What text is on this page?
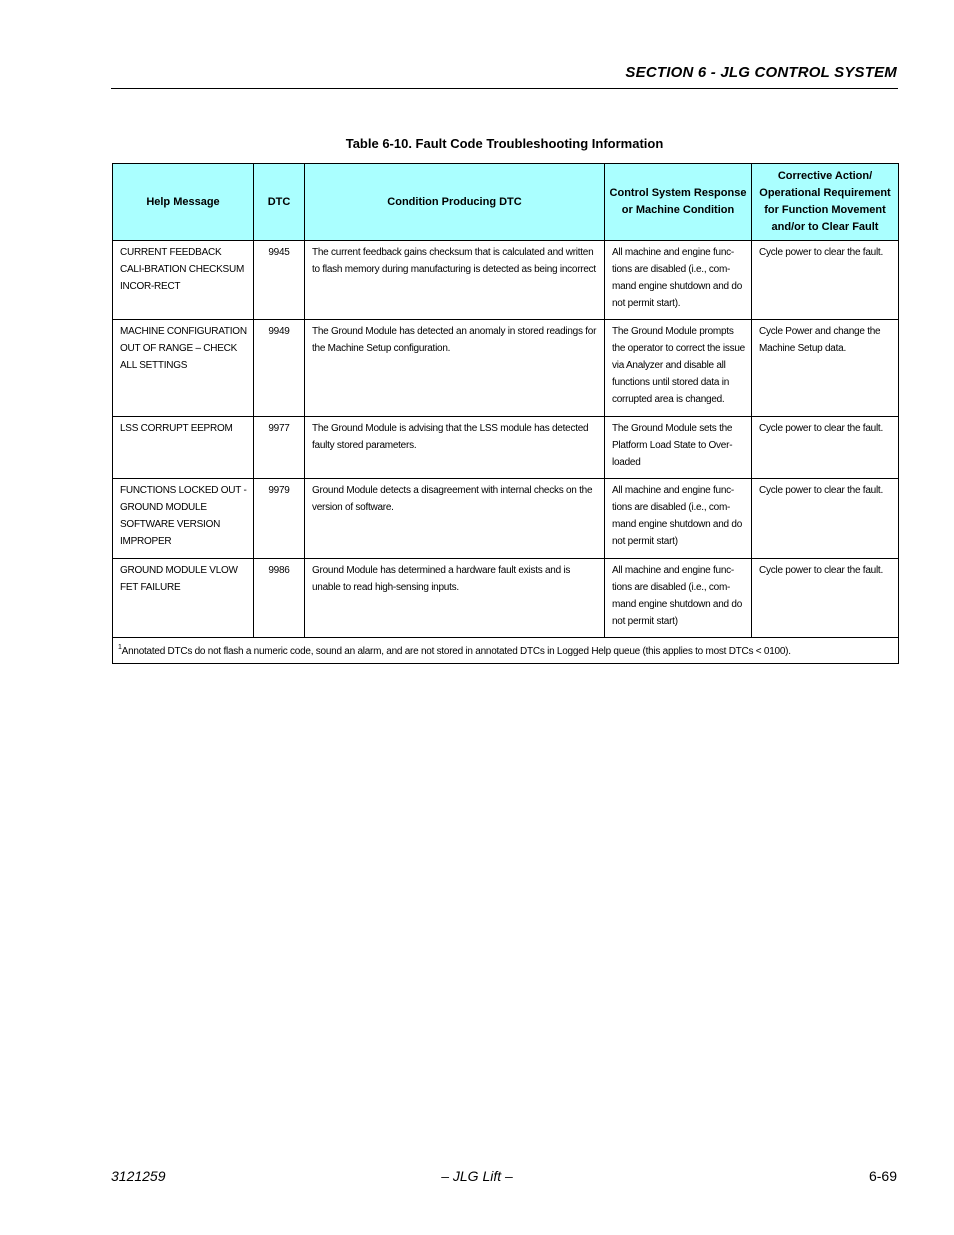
SECTION 6 - JLG CONTROL SYSTEM
Table 6-10. Fault Code Troubleshooting Information
Help Message	DTC	Condition Producing DTC	Control System Response or Machine Condition	Corrective Action/ Operational Requirement for Function Movement and/or to Clear Fault
CURRENT FEEDBACK CALI-BRATION CHECKSUM INCOR-RECT	9945	The current feedback gains checksum that is calculated and written to flash memory during manufacturing is detected as being incorrect	All machine and engine func-tions are disabled (i.e., com-mand engine shutdown and do not permit start).	Cycle power to clear the fault.
MACHINE CONFIGURATION OUT OF RANGE – CHECK ALL SETTINGS	9949	The Ground Module has detected an anomaly in stored readings for the Machine Setup configuration.	The Ground Module prompts the operator to correct the issue via Analyzer and disable all functions until stored data in corrupted area is changed.	Cycle Power and change the Machine Setup data.
LSS CORRUPT EEPROM	9977	The Ground Module is advising that the LSS module has detected faulty stored parameters.	The Ground Module sets the Platform Load State to Over-loaded	Cycle power to clear the fault.
FUNCTIONS LOCKED OUT - GROUND MODULE SOFTWARE VERSION IMPROPER	9979	Ground Module detects a disagreement with internal checks on the version of software.	All machine and engine func-tions are disabled (i.e., com-mand engine shutdown and do not permit start)	Cycle power to clear the fault.
GROUND MODULE VLOW FET FAILURE	9986	Ground Module has determined a hardware fault exists and is unable to read high-sensing inputs.	All machine and engine func-tions are disabled (i.e., com-mand engine shutdown and do not permit start)	Cycle power to clear the fault.
$^1$Annotated DTCs do not flash a numeric code, sound an alarm, and are not stored in annotated DTCs in Logged Help queue (this applies to most DTCs < 0100).				
3121259	– JLG Lift –	6-69
